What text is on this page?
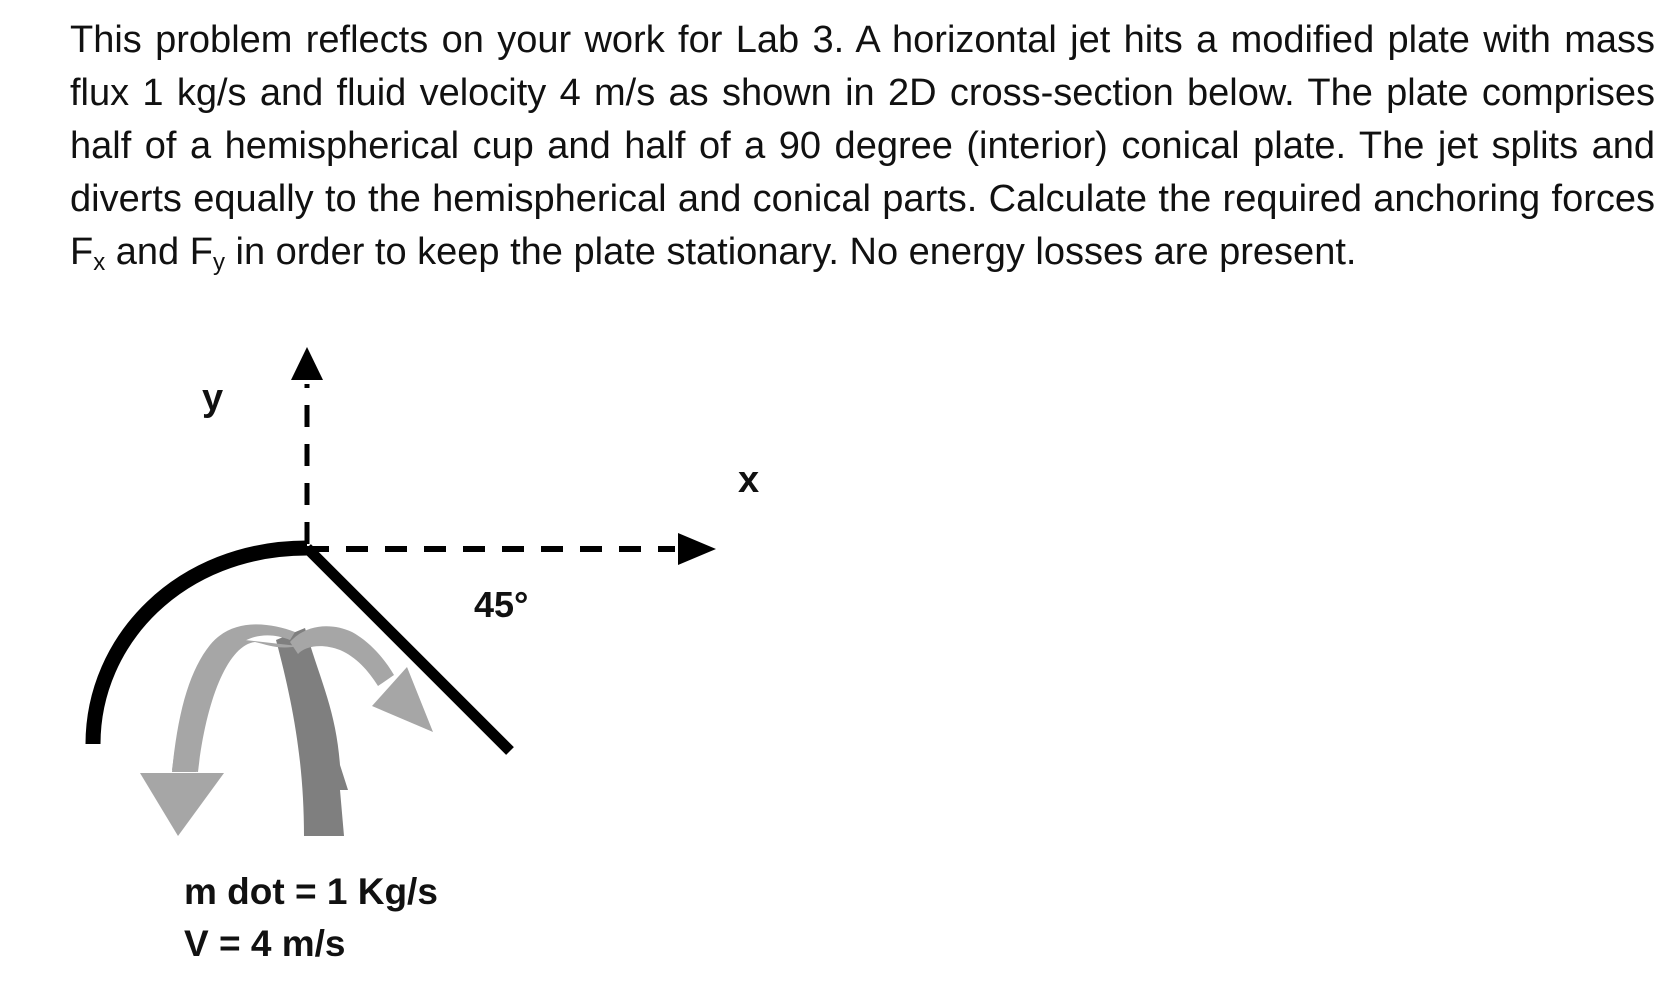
This problem reflects on your work for Lab 3. A horizontal jet hits a modified plate with mass flux 1 kg/s and fluid velocity 4 m/s as shown in 2D cross-section below. The plate comprises half of a hemispherical cup and half of a 90 degree (interior) conical plate. The jet splits and diverts equally to the hemispherical and conical parts. Calculate the required anchoring forces $F_x$ and $F_y$ in order to keep the plate stationary. No energy losses are present.

y
x
45°
m dot = 1 Kg/s
V = 4 m/s
